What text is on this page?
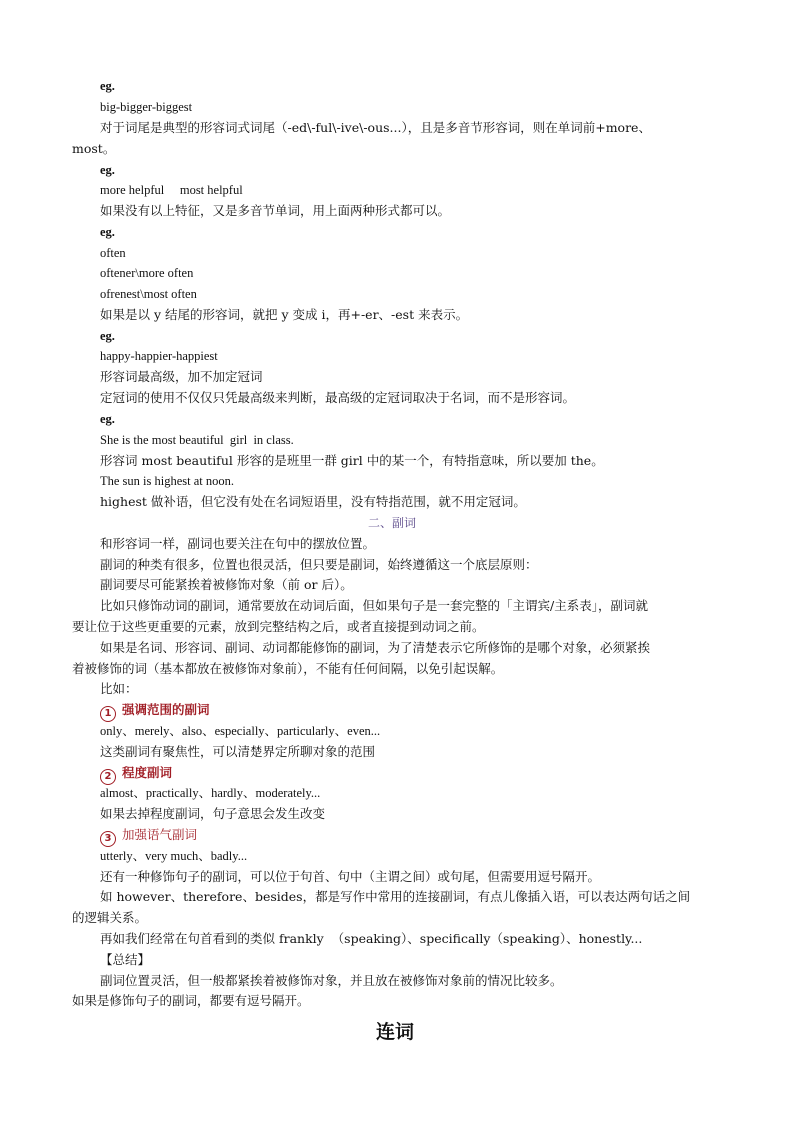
eg.
big-bigger-biggest
对于词尾是典型的形容词式词尾（-ed\-ful\-ive\-ous...），且是多音节形容词，则在单词前+more、
most。
eg.
more helpful     most helpful
如果没有以上特征，又是多音节单词，用上面两种形式都可以。
eg.
often
oftener\more often
ofrenest\most often
如果是以 y 结尾的形容词，就把 y 变成 i，再+-er、-est 来表示。
eg.
happy-happier-happiest
形容词最高级，加不加定冠词
定冠词的使用不仅仅只凭最高级来判断，最高级的定冠词取决于名词，而不是形容词。
eg.
She is the most beautiful  girl  in class.
形容词 most beautiful 形容的是班里一群 girl 中的某一个，有特指意味，所以要加 the。
The sun is highest at noon.
highest 做补语，但它没有处在名词短语里，没有特指范围，就不用定冠词。
二、副词
和形容词一样，副词也要关注在句中的摆放位置。
副词的种类有很多，位置也很灵活，但只要是副词，始终遵循这一个底层原则：
副词要尽可能紧挨着被修饰对象（前 or 后）。
比如只修饰动词的副词，通常要放在动词后面，但如果句子是一套完整的「主谓宾/主系表」，副词就
要让位于这些更重要的元素，放到完整结构之后，或者直接提到动词之前。
如果是名词、形容词、副词、动词都能修饰的副词，为了清楚表示它所修饰的是哪个对象，必须紧挨
着被修饰的词（基本都放在被修饰对象前），不能有任何间隔，以免引起误解。
比如：
1 强调范围的副词
only、merely、also、especially、particularly、even...
这类副词有聚焦性，可以清楚界定所聊对象的范围
2 程度副词
almost、practically、hardly、moderately...
如果去掉程度副词，句子意思会发生改变
3 加强语气副词
utterly、very much、badly...
还有一种修饰句子的副词，可以位于句首、句中（主谓之间）或句尾，但需要用逗号隔开。
如 however、therefore、besides，都是写作中常用的连接副词，有点儿像插入语，可以表达两句话之间
的逻辑关系。
再如我们经常在句首看到的类似 frankly  （speaking）、specifically（speaking）、honestly...
【总结】
副词位置灵活，但一般都紧挨着被修饰对象，并且放在被修饰对象前的情况比较多。
如果是修饰句子的副词，都要有逗号隔开。
连词
